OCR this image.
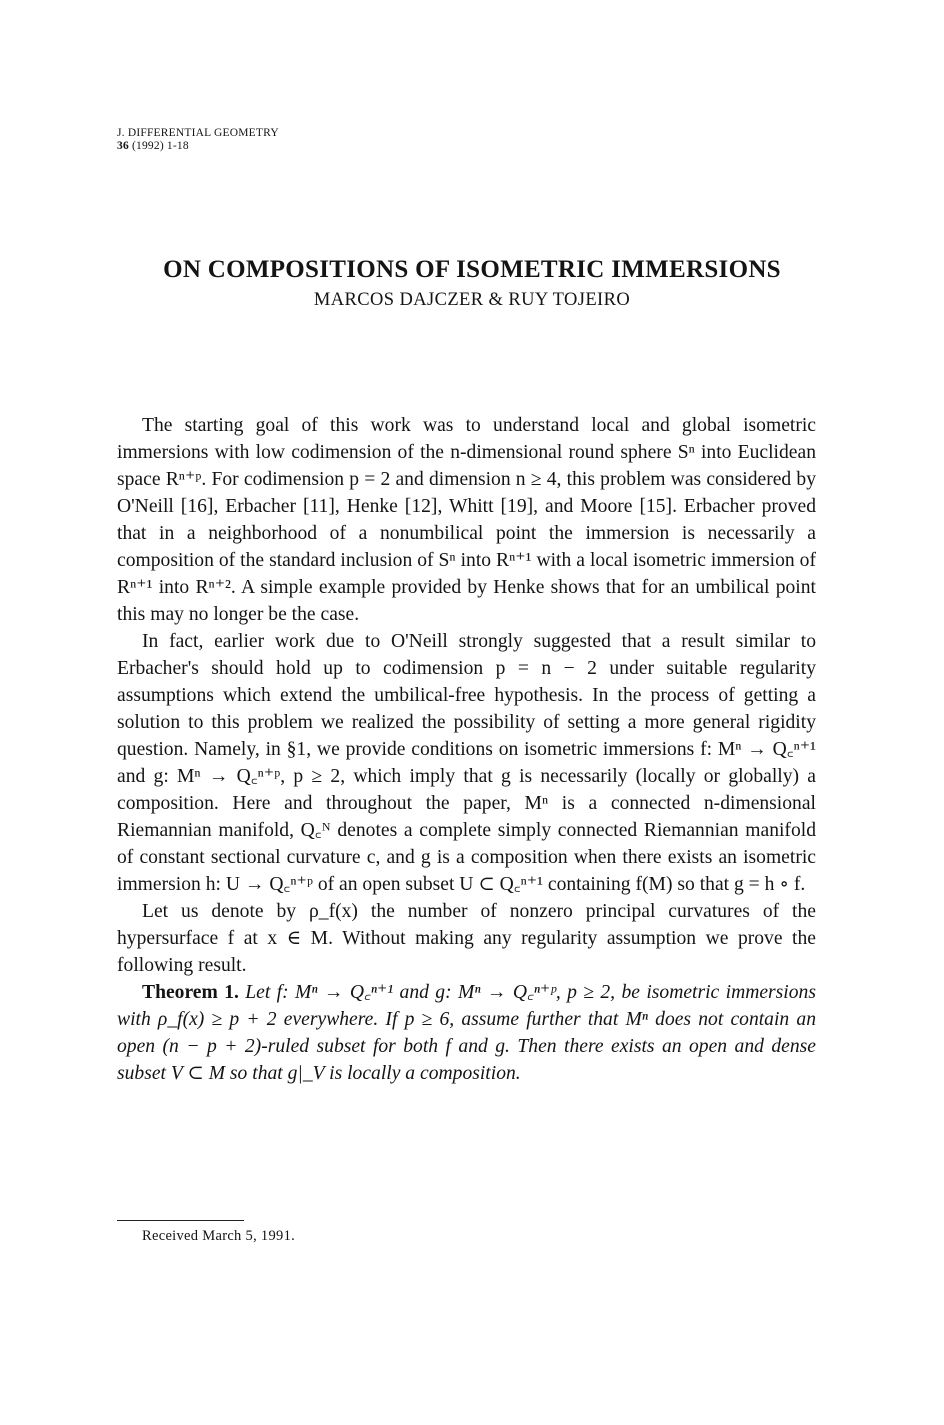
J. DIFFERENTIAL GEOMETRY
36 (1992) 1-18
ON COMPOSITIONS OF ISOMETRIC IMMERSIONS
MARCOS DAJCZER & RUY TOJEIRO

The starting goal of this work was to understand local and global isometric immersions with low codimension of the n-dimensional round sphere Sⁿ into Euclidean space Rⁿ⁺ᵖ. For codimension p = 2 and dimension n ≥ 4, this problem was considered by O'Neill [16], Erbacher [11], Henke [12], Whitt [19], and Moore [15]. Erbacher proved that in a neighborhood of a nonumbilical point the immersion is necessarily a composition of the standard inclusion of Sⁿ into Rⁿ⁺¹ with a local isometric immersion of Rⁿ⁺¹ into Rⁿ⁺². A simple example provided by Henke shows that for an umbilical point this may no longer be the case.

In fact, earlier work due to O'Neill strongly suggested that a result similar to Erbacher's should hold up to codimension p = n − 2 under suitable regularity assumptions which extend the umbilical-free hypothesis. In the process of getting a solution to this problem we realized the possibility of setting a more general rigidity question. Namely, in §1, we provide conditions on isometric immersions f: Mⁿ → Q꜀ⁿ⁺¹ and g: Mⁿ → Q꜀ⁿ⁺ᵖ, p ≥ 2, which imply that g is necessarily (locally or globally) a composition. Here and throughout the paper, Mⁿ is a connected n-dimensional Riemannian manifold, Q꜀ᴺ denotes a complete simply connected Riemannian manifold of constant sectional curvature c, and g is a composition when there exists an isometric immersion h: U → Q꜀ⁿ⁺ᵖ of an open subset U ⊂ Q꜀ⁿ⁺¹ containing f(M) so that g = h ∘ f.

Let us denote by ρ_f(x) the number of nonzero principal curvatures of the hypersurface f at x ∈ M. Without making any regularity assumption we prove the following result.

Theorem 1. Let f: Mⁿ → Q꜀ⁿ⁺¹ and g: Mⁿ → Q꜀ⁿ⁺ᵖ, p ≥ 2, be isometric immersions with ρ_f(x) ≥ p + 2 everywhere. If p ≥ 6, assume further that Mⁿ does not contain an open (n − p + 2)-ruled subset for both f and g. Then there exists an open and dense subset V ⊂ M so that g|_V is locally a composition.

Received March 5, 1991.
